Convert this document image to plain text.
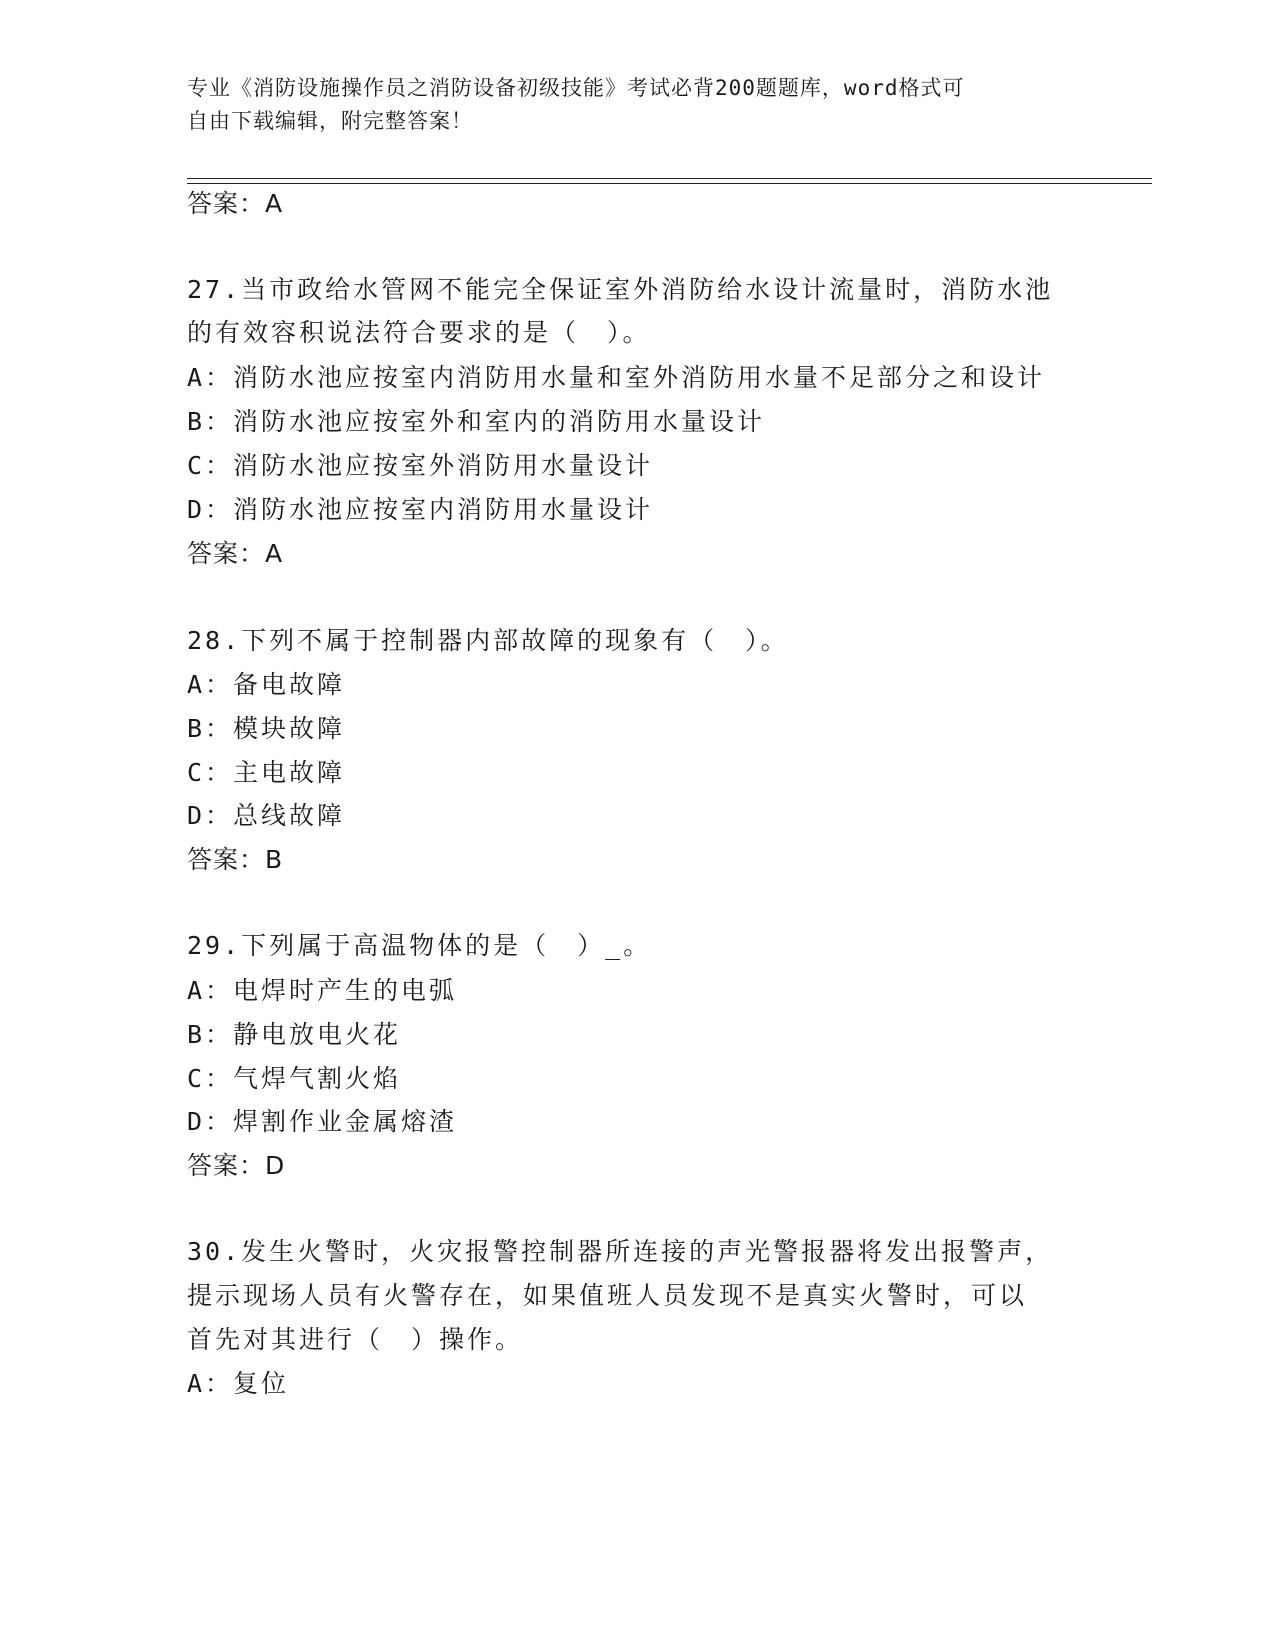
专业《消防设施操作员之消防设备初级技能》考试必背200题题库，word格式可
自由下载编辑，附完整答案！
答案：A
27.当市政给水管网不能完全保证室外消防给水设计流量时，消防水池
的有效容积说法符合要求的是（　）。
A：消防水池应按室内消防用水量和室外消防用水量不足部分之和设计
B：消防水池应按室外和室内的消防用水量设计
C：消防水池应按室外消防用水量设计
D：消防水池应按室内消防用水量设计
答案：A
28.下列不属于控制器内部故障的现象有（　）。
A：备电故障
B：模块故障
C：主电故障
D：总线故障
答案：B
29.下列属于高温物体的是（　）_。
A：电焊时产生的电弧
B：静电放电火花
C：气焊气割火焰
D：焊割作业金属熔渣
答案：D
30.发生火警时，火灾报警控制器所连接的声光警报器将发出报警声，
提示现场人员有火警存在，如果值班人员发现不是真实火警时，可以
首先对其进行（　）操作。
A：复位
